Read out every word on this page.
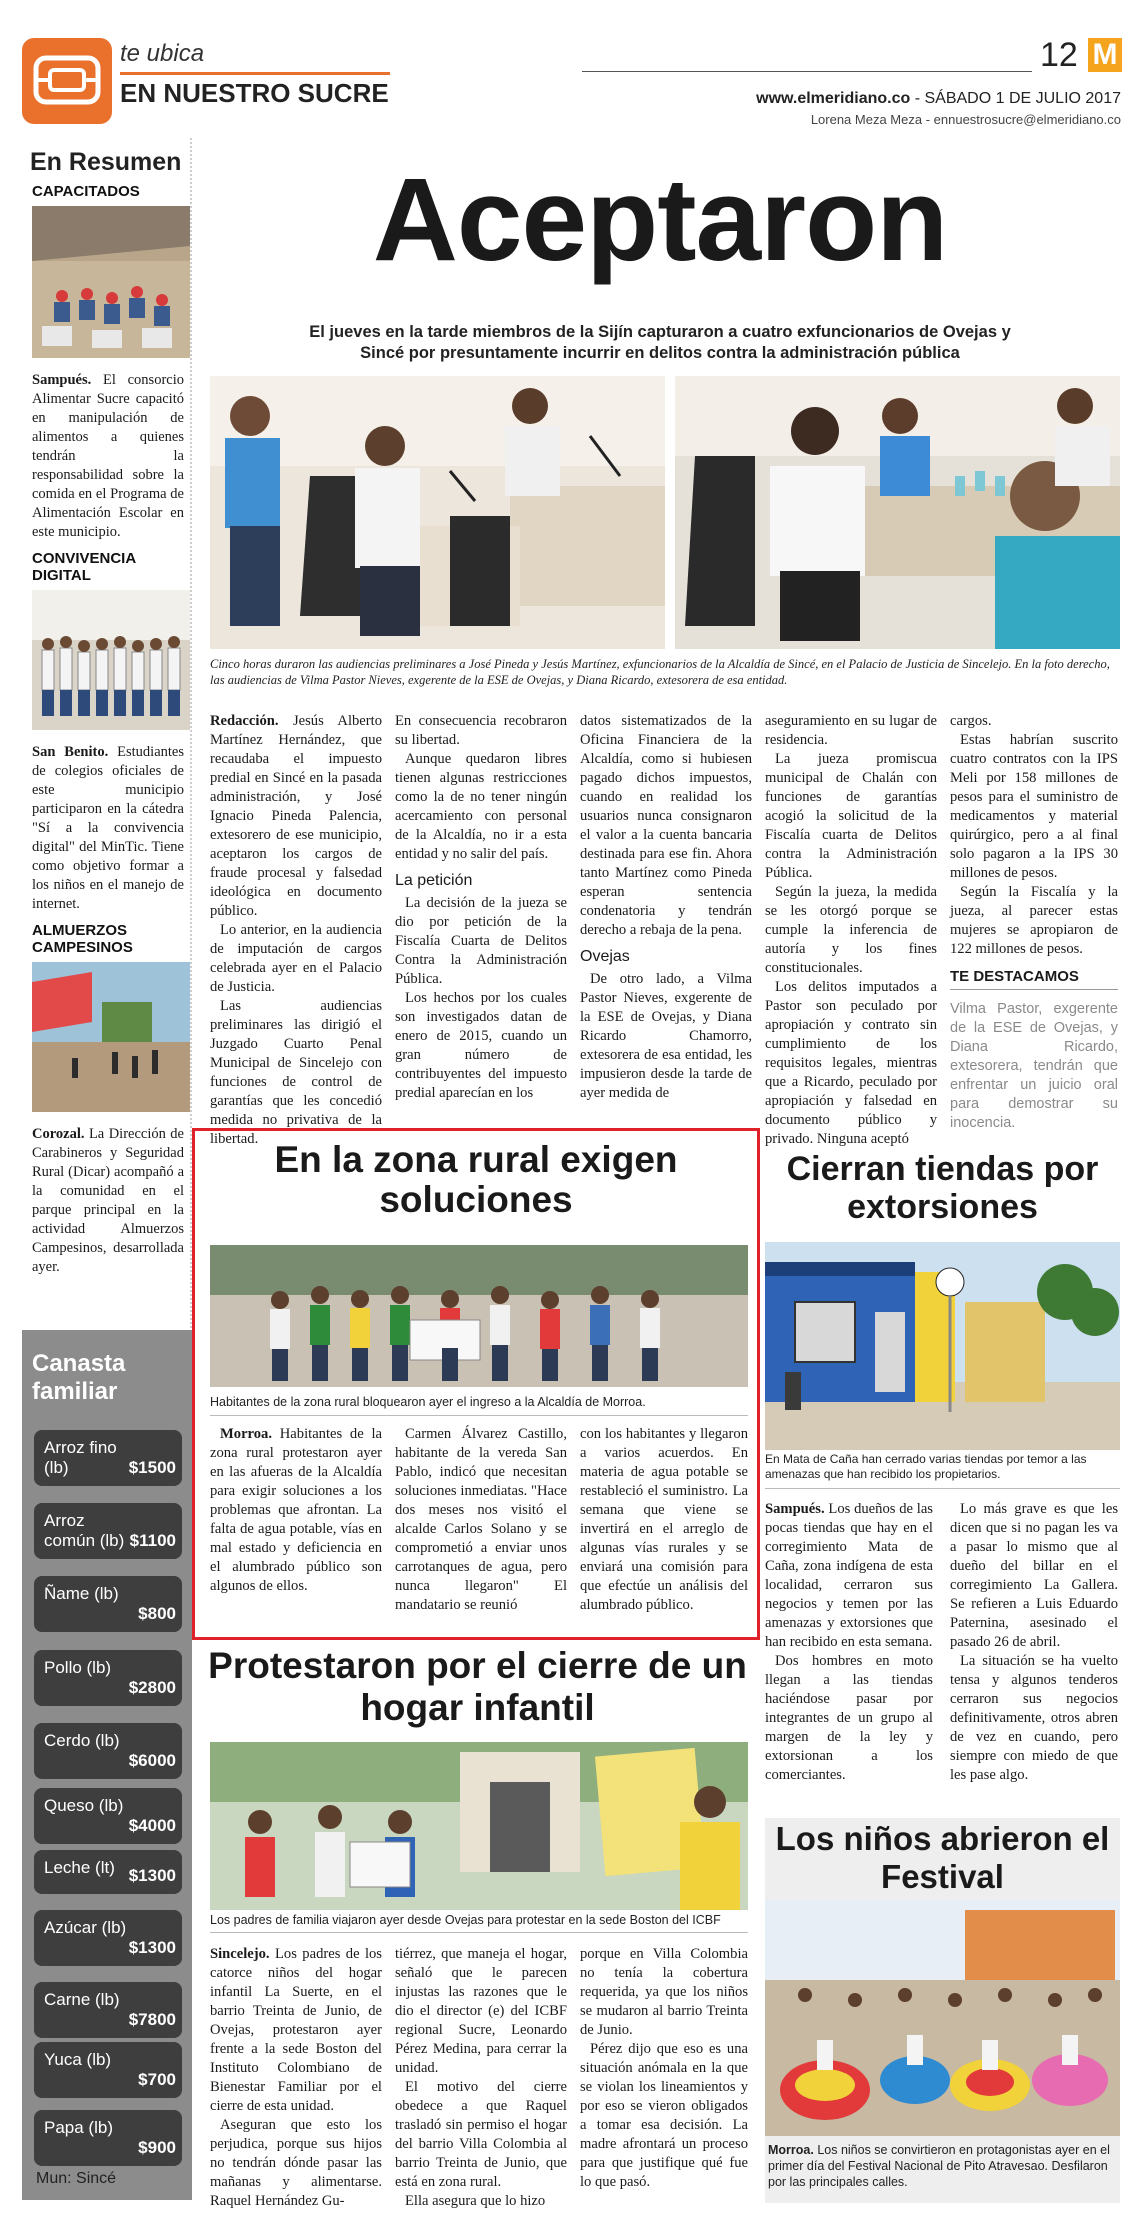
te ubica
EN NUESTRO SUCRE
12 M
www.elmeridiano.co - SÁBADO 1 DE JULIO 2017
Lorena Meza Meza - ennuestrosucre@elmeridiano.co
En Resumen
CAPACITADOS
Sampués. El consorcio Alimentar Sucre capacitó en manipulación de alimentos a quienes tendrán la responsabilidad sobre la comida en el Programa de Alimentación Escolar en este municipio.
CONVIVENCIA DIGITAL
San Benito. Estudiantes de colegios oficiales de este municipio participaron en la cátedra "Sí a la convivencia digital" del MinTic. Tiene como objetivo formar a los niños en el manejo de internet.
ALMUERZOS CAMPESINOS
Corozal. La Dirección de Carabineros y Seguridad Rural (Dicar) acompañó a la comunidad en el parque principal en la actividad Almuerzos Campesinos, desarrollada ayer.
Canasta familiar
Arroz fino (lb)	$1500
Arroz común (lb) $1100
Ñame (lb)
$800
Pollo (lb)
$2800
Cerdo (lb)
$6000
Queso (lb)
$4000
Leche (lt) $1300
Azúcar (lb)
$1300
Carne (lb)
$7800
Yuca (lb)
$700
Papa (lb)
$900
Mun: Sincé
Aceptaron
El jueves en la tarde miembros de la Sijín capturaron a cuatro exfuncionarios de Ovejas y Sincé por presuntamente incurrir en delitos contra la administración pública
Cinco horas duraron las audiencias preliminares a José Pineda y Jesús Martínez, exfuncionarios de la Alcaldía de Sincé, en el Palacio de Justicia de Sincelejo. En la foto derecho, las audiencias de Vilma Pastor Nieves, exgerente de la ESE de Ovejas, y Diana Ricardo, extesorera de esa entidad.

Redacción. Jesús Alberto Martínez Hernández, que recaudaba el impuesto predial en Sincé en la pasada administración, y José Ignacio Pineda Palencia, extesorero de ese municipio, aceptaron los cargos de fraude procesal y falsedad ideológica en documento público.

Lo anterior, en la audiencia de imputación de cargos celebrada ayer en el Palacio de Justicia.

Las audiencias preliminares las dirigió el Juzgado Cuarto Penal Municipal de Sincelejo con funciones de control de garantías que les concedió medida no privativa de la libertad.

En consecuencia recobraron su libertad.

Aunque quedaron libres tienen algunas restricciones como la de no tener ningún acercamiento con personal de la Alcaldía, no ir a esta entidad y no salir del país.

La petición

La decisión de la jueza se dio por petición de la Fiscalía Cuarta de Delitos Contra la Administración Pública.

Los hechos por los cuales son investigados datan de enero de 2015, cuando un gran número de contribuyentes del impuesto predial aparecían en los

datos sistematizados de la Oficina Financiera de la Alcaldía, como si hubiesen pagado dichos impuestos, cuando en realidad los usuarios nunca consignaron el valor a la cuenta bancaria destinada para ese fin. Ahora tanto Martínez como Pineda esperan sentencia condenatoria y tendrán derecho a rebaja de la pena.

Ovejas

De otro lado, a Vilma Pastor Nieves, exgerente de la ESE de Ovejas, y Diana Ricardo Chamorro, extesorera de esa entidad, les impusieron desde la tarde de ayer medida de

aseguramiento en su lugar de residencia.

La jueza promiscua municipal de Chalán con funciones de garantías acogió la solicitud de la Fiscalía cuarta de Delitos contra la Administración Pública.

Según la jueza, la medida se les otorgó porque se cumple la inferencia de autoría y los fines constitucionales.

Los delitos imputados a Pastor son peculado por apropiación y contrato sin cumplimiento de los requisitos legales, mientras que a Ricardo, peculado por apropiación y falsedad en documento público y privado. Ninguna aceptó

cargos.

Estas habrían suscrito cuatro contratos con la IPS Meli por 158 millones de pesos para el suministro de medicamentos y material quirúrgico, pero a al final solo pagaron a la IPS 30 millones de pesos.

Según la Fiscalía y la jueza, al parecer estas mujeres se apropiaron de 122 millones de pesos.

TE DESTACAMOS
Vilma Pastor, exgerente de la ESE de Ovejas, y Diana Ricardo, extesorera, tendrán que enfrentar un juicio oral para demostrar su inocencia.
En la zona rural exigen soluciones
Habitantes de la zona rural bloquearon ayer el ingreso a la Alcaldía de Morroa.

Morroa. Habitantes de la zona rural protestaron ayer en las afueras de la Alcaldía para exigir soluciones a los problemas que afrontan. La falta de agua potable, vías en mal estado y deficiencia en el alumbrado público son algunos de ellos.

Carmen Álvarez Castillo, habitante de la vereda San Pablo, indicó que necesitan soluciones inmediatas. "Hace dos meses nos visitó el alcalde Carlos Solano y se comprometió a enviar unos carrotanques de agua, pero nunca llegaron" El mandatario se reunió

con los habitantes y llegaron a varios acuerdos. En materia de agua potable se restableció el suministro. La semana que viene se invertirá en el arreglo de algunas vías rurales y se enviará una comisión para que efectúe un análisis del alumbrado público.

Cierran tiendas por extorsiones
En Mata de Caña han cerrado varias tiendas por temor a las amenazas que han recibido los propietarios.

Sampués. Los dueños de las pocas tiendas que hay en el corregimiento Mata de Caña, zona indígena de esta localidad, cerraron sus negocios y temen por las amenazas y extorsiones que han recibido en esta semana.

Dos hombres en moto llegan a las tiendas haciéndose pasar por integrantes de un grupo al margen de la ley y extorsionan a los comerciantes.

Lo más grave es que les dicen que si no pagan les va a pasar lo mismo que al dueño del billar en el corregimiento La Gallera. Se refieren a Luis Eduardo Paternina, asesinado el pasado 26 de abril.

La situación se ha vuelto tensa y algunos tenderos cerraron sus negocios definitivamente, otros abren de vez en cuando, pero siempre con miedo de que les pase algo.

Protestaron por el cierre de un hogar infantil
Los padres de familia viajaron ayer desde Ovejas para protestar en la sede Boston del ICBF

Sincelejo. Los padres de los catorce niños del hogar infantil La Suerte, en el barrio Treinta de Junio, de Ovejas, protestaron ayer frente a la sede Boston del Instituto Colombiano de Bienestar Familiar por el cierre de esta unidad.

Aseguran que esto los perjudica, porque sus hijos no tendrán dónde pasar las mañanas y alimentarse. Raquel Hernández Gu-

tiérrez, que maneja el hogar, señaló que le parecen injustas las razones que le dio el director (e) del ICBF regional Sucre, Leonardo Pérez Medina, para cerrar la unidad.

El motivo del cierre obedece a que Raquel trasladó sin permiso el hogar del barrio Villa Colombia al barrio Treinta de Junio, que está en zona rural.

Ella asegura que lo hizo

porque en Villa Colombia no tenía la cobertura requerida, ya que los niños se mudaron al barrio Treinta de Junio.

Pérez dijo que eso es una situación anómala en la que se violan los lineamientos y por eso se vieron obligados a tomar esa decisión. La madre afrontará un proceso para que justifique qué fue lo que pasó.

Los niños abrieron el Festival
Morroa. Los niños se convirtieron en protagonistas ayer en el primer día del Festival Nacional de Pito Atravesao. Desfilaron por las principales calles.
